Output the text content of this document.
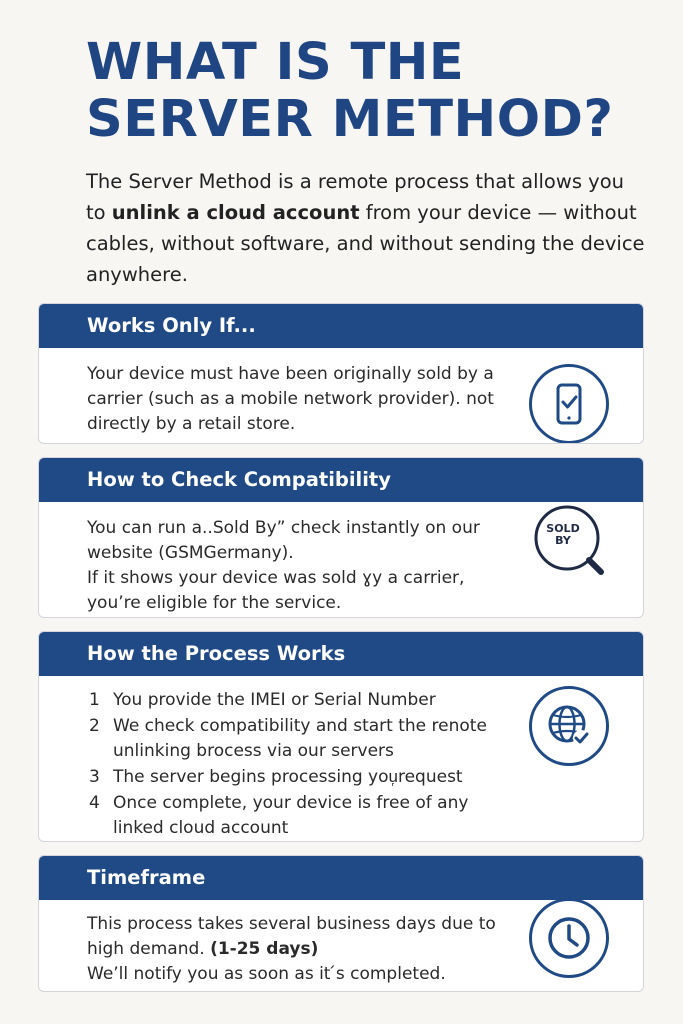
WHAT IS THE
SERVER METHOD?

The Server Method is a remote process that allows you to unlink a cloud account from your device — without cables, without software, and without sending the device anywhere.

Works Only If...

Your device must have been originally sold by a carrier (such as a mobile network provider). not directly by a retail store.

How to Check Compatibility

You can run a..Sold By” check instantly on our website (GSMGermany).

If it shows your device was sold ɣy a carrier, you’re eligible for the service.

SOLD
BY
How the Process Works
1 You provide the IMEI or Serial Number
2 We check compatibility and start the renote unlinking brocess via our servers
3 The server begins processing you᷊request
4 Once complete, your device is free of any linked cloud account
Timeframe

This process takes several business days due to high demand. (1-25 days)

We’ll notify you as soon as it ́s completed.
